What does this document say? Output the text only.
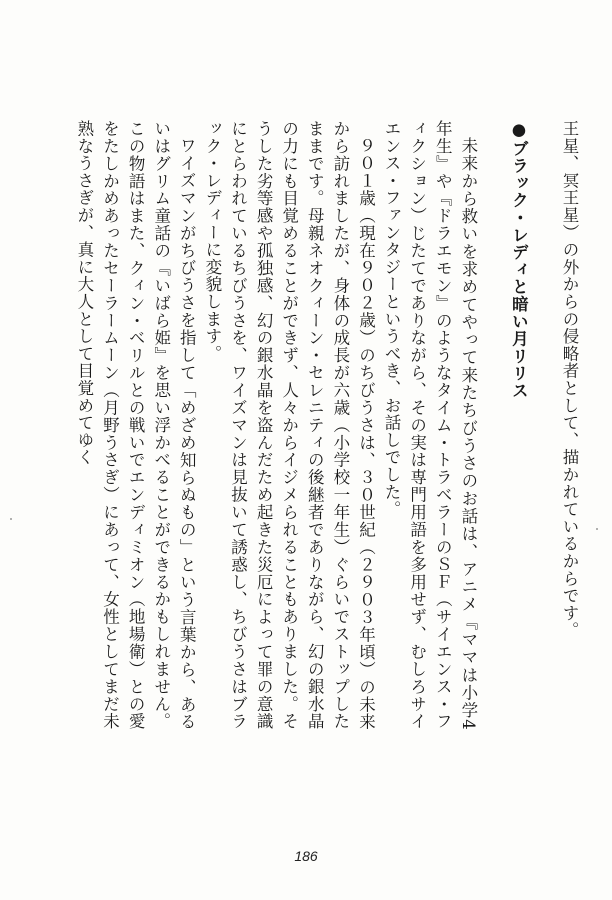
王星、冥王星）の外からの侵略者として、描かれているからです。

●ブラック・レディと暗い月リリス

未来から救いを求めてやって来たちびうさのお話は、アニメ『ママは小学4年生』や『ドラエモン』のようなタイム・トラベラーのＳＦ（サイエンス・フィクション）じたてでありながら、その実は専門用語を多用せず、むしろサイエンス・ファンタジーというべき、お話しでした。

９０１歳（現在９０２歳）のちびうさは、３０世紀（２９０３年頃）の未来から訪れましたが、身体の成長が六歳（小学校一年生）ぐらいでストップしたままです。母親ネオクィーン・セレニティの後継者でありながら、幻の銀水晶の力にも目覚めることができず、人々からイジメられることもありました。そうした劣等感や孤独感、幻の銀水晶を盗んだため起きた災厄によって罪の意識にとらわれているちびうさを、ワイズマンは見抜いて誘惑し、ちびうさはブラック・レディーに変貌します。

ワイズマンがちびうさを指して「めざめ知らぬもの」という言葉から、あるいはグリム童話の『いばら姫』を思い浮かべることができるかもしれません。この物語はまた、クィン・ベリルとの戦いでエンディミオン（地場衛）との愛をたしかめあったセーラームーン（月野うさぎ）にあって、女性としてまだ未熟なうさぎが、真に大人として目覚めてゆく

186
